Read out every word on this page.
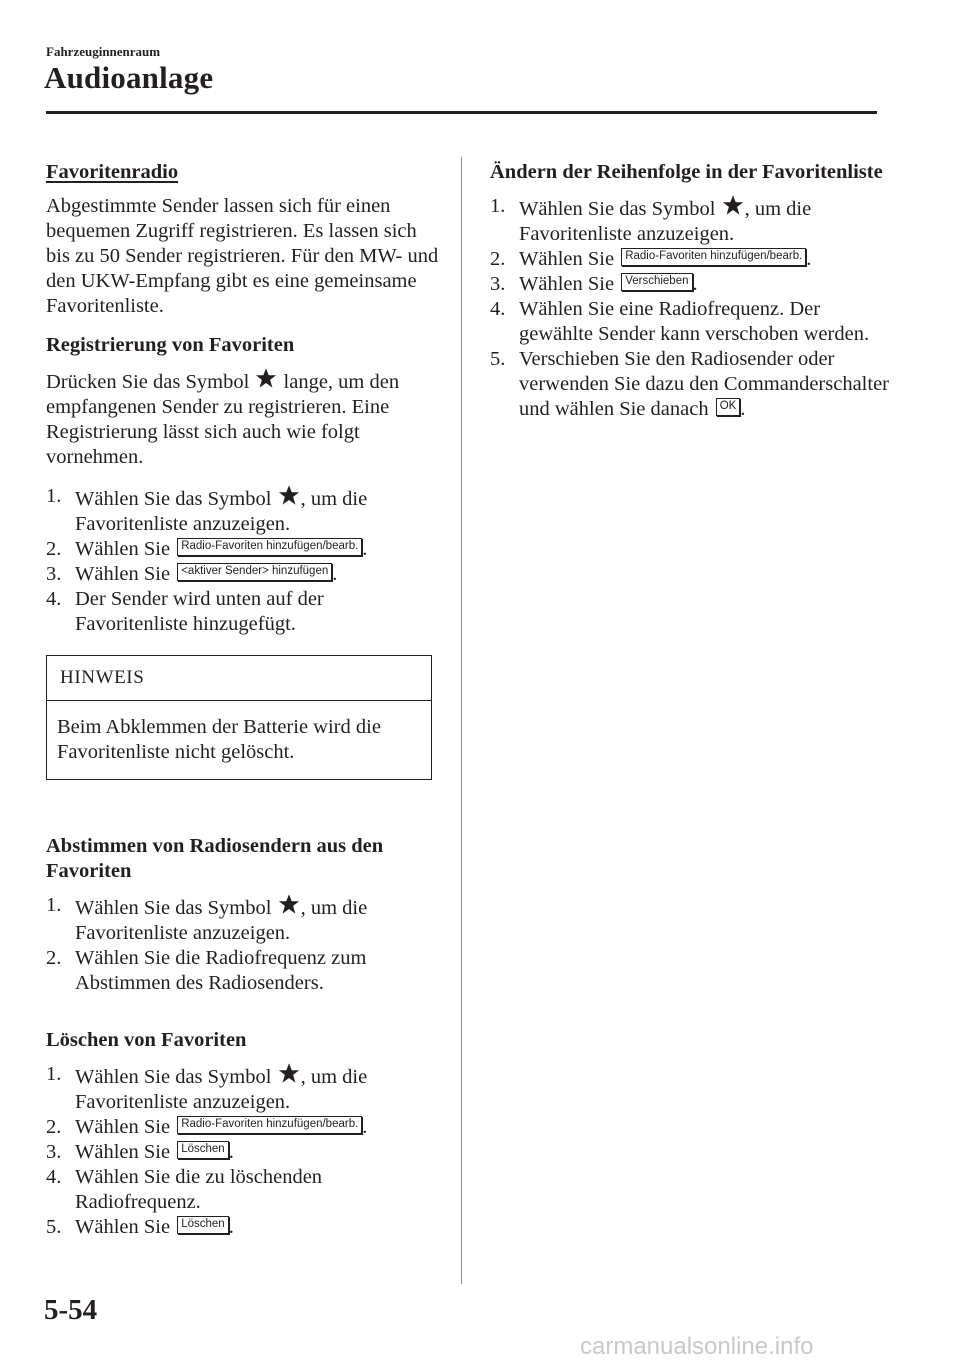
Fahrzeuginnenraum
Audioanlage
Favoritenradio

Abgestimmte Sender lassen sich für einen bequemen Zugriff registrieren. Es lassen sich bis zu 50 Sender registrieren. Für den MW- und den UKW-Empfang gibt es eine gemeinsame Favoritenliste.

Registrierung von Favoriten

Drücken Sie das Symbol lange, um den empfangenen Sender zu registrieren. Eine Registrierung lässt sich auch wie folgt vornehmen.

1. Wählen Sie das Symbol , um die Favoritenliste anzuzeigen.
2. Wählen Sie Radio-Favoriten hinzufügen/bearb. .
3. Wählen Sie <aktiver Sender> hinzufügen .
4. Der Sender wird unten auf der Favoritenliste hinzugefügt.
HINWEIS
Beim Abklemmen der Batterie wird die Favoritenliste nicht gelöscht.
Abstimmen von Radiosendern aus den Favoriten
1. Wählen Sie das Symbol , um die Favoritenliste anzuzeigen.
2. Wählen Sie die Radiofrequenz zum Abstimmen des Radiosenders.
Löschen von Favoriten
1. Wählen Sie das Symbol , um die Favoritenliste anzuzeigen.
2. Wählen Sie Radio-Favoriten hinzufügen/bearb. .
3. Wählen Sie Löschen .
4. Wählen Sie die zu löschenden Radiofrequenz.
5. Wählen Sie Löschen .
Ändern der Reihenfolge in der Favoritenliste
1. Wählen Sie das Symbol , um die Favoritenliste anzuzeigen.
2. Wählen Sie Radio-Favoriten hinzufügen/bearb. .
3. Wählen Sie Verschieben .
4. Wählen Sie eine Radiofrequenz. Der gewählte Sender kann verschoben werden.
5. Verschieben Sie den Radiosender oder verwenden Sie dazu den Commanderschalter und wählen Sie danach OK .
5-54
carmanualsonline.info
